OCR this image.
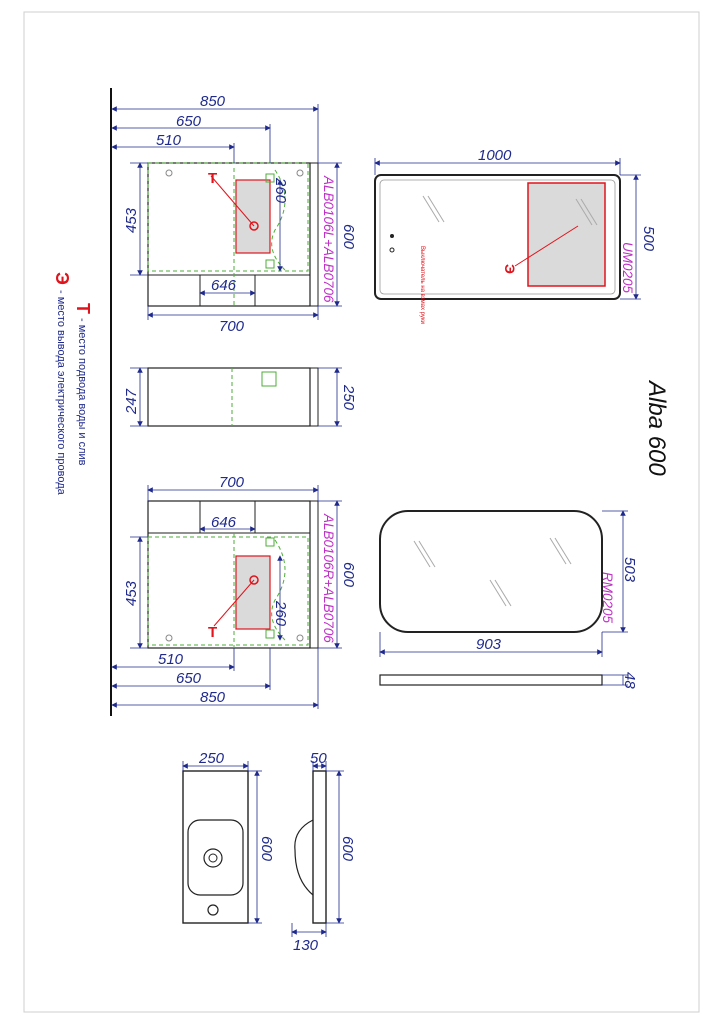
Т
850
650
510
453
260
646
700
600
ALB0106L+ALB0706
247	250
Т
700
646
453
260
600
510
650
850
ALB0106R+ALB0706
Э
Выключатель на взмах руки
1000
500
UM0205
Alba 600
903
503
RM0205
48
Т
- место подвода воды и слив
Э
- место вывода электрического провода
250
600
50
600
130
